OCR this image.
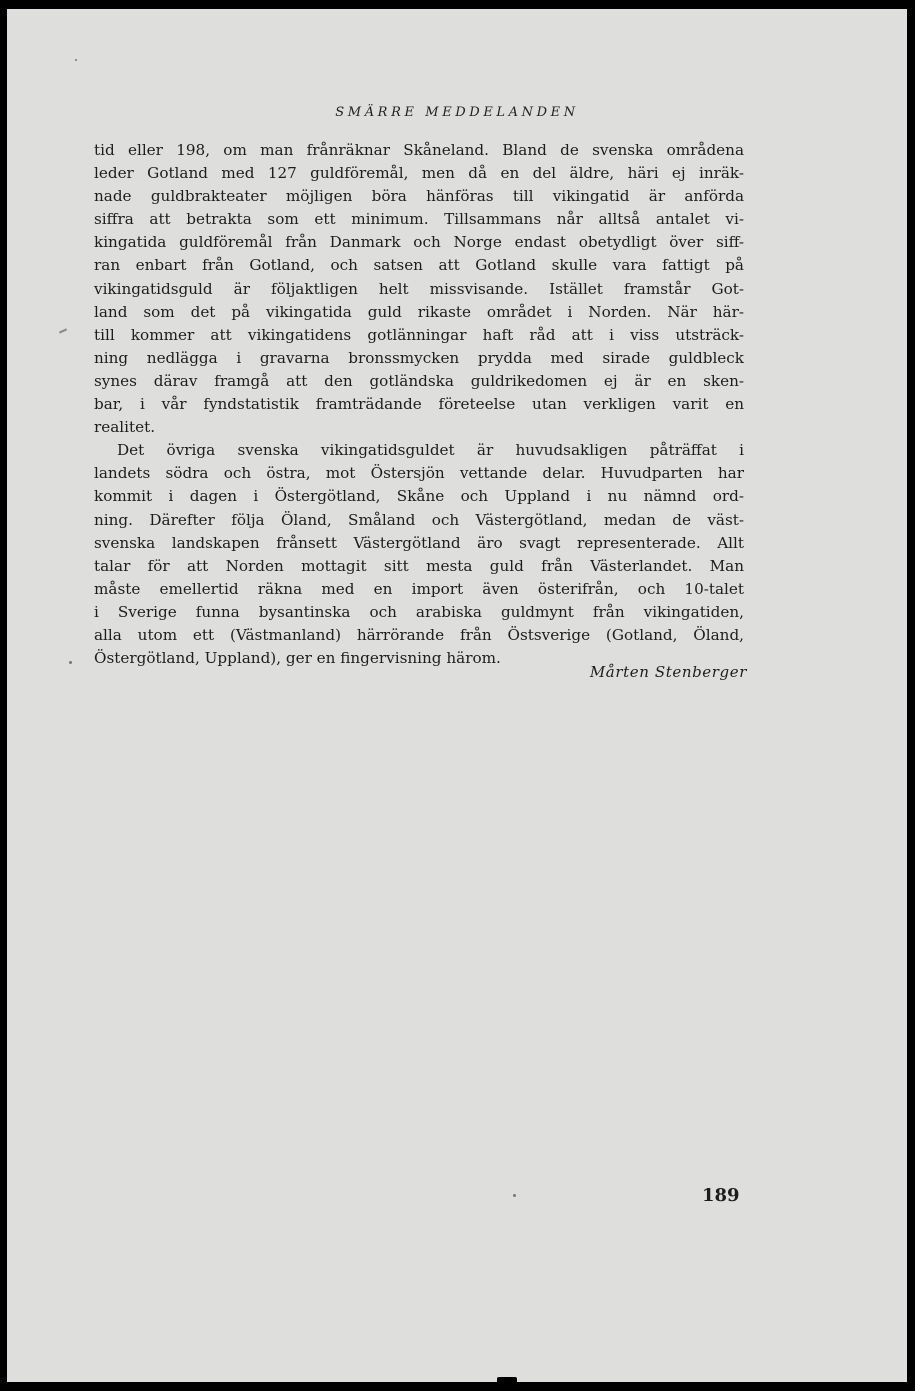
SMÄRRE MEDDELANDEN
tid eller 198, om man frånräknar Skåneland. Bland de svenska områdena
leder Gotland med 127 guldföremål, men då en del äldre, häri ej inräk-
nade guldbrakteater möjligen böra hänföras till vikingatid är anförda
siffra att betrakta som ett minimum. Tillsammans når alltså antalet vi-
kingatida guldföremål från Danmark och Norge endast obetydligt över siff-
ran enbart från Gotland, och satsen att Gotland skulle vara fattigt på
vikingatidsguld är följaktligen helt missvisande. Istället framstår Got-
land som det på vikingatida guld rikaste området i Norden. När här-
till kommer att vikingatidens gotlänningar haft råd att i viss utsträck-
ning nedlägga i gravarna bronssmycken prydda med sirade guldbleck
synes därav framgå att den gotländska guldrikedomen ej är en sken-
bar, i vår fyndstatistik framträdande företeelse utan verkligen varit en
realitet.
Det övriga svenska vikingatidsguldet är huvudsakligen påträffat i
landets södra och östra, mot Östersjön vettande delar. Huvudparten har
kommit i dagen i Östergötland, Skåne och Uppland i nu nämnd ord-
ning. Därefter följa Öland, Småland och Västergötland, medan de väst-
svenska landskapen frånsett Västergötland äro svagt representerade. Allt
talar för att Norden mottagit sitt mesta guld från Västerlandet. Man
måste emellertid räkna med en import även österifrån, och 10-talet
i Sverige funna bysantinska och arabiska guldmynt från vikingatiden,
alla utom ett (Västmanland) härrörande från Östsverige (Gotland, Öland,
Östergötland, Uppland), ger en fingervisning härom.
Mårten Stenberger
189
